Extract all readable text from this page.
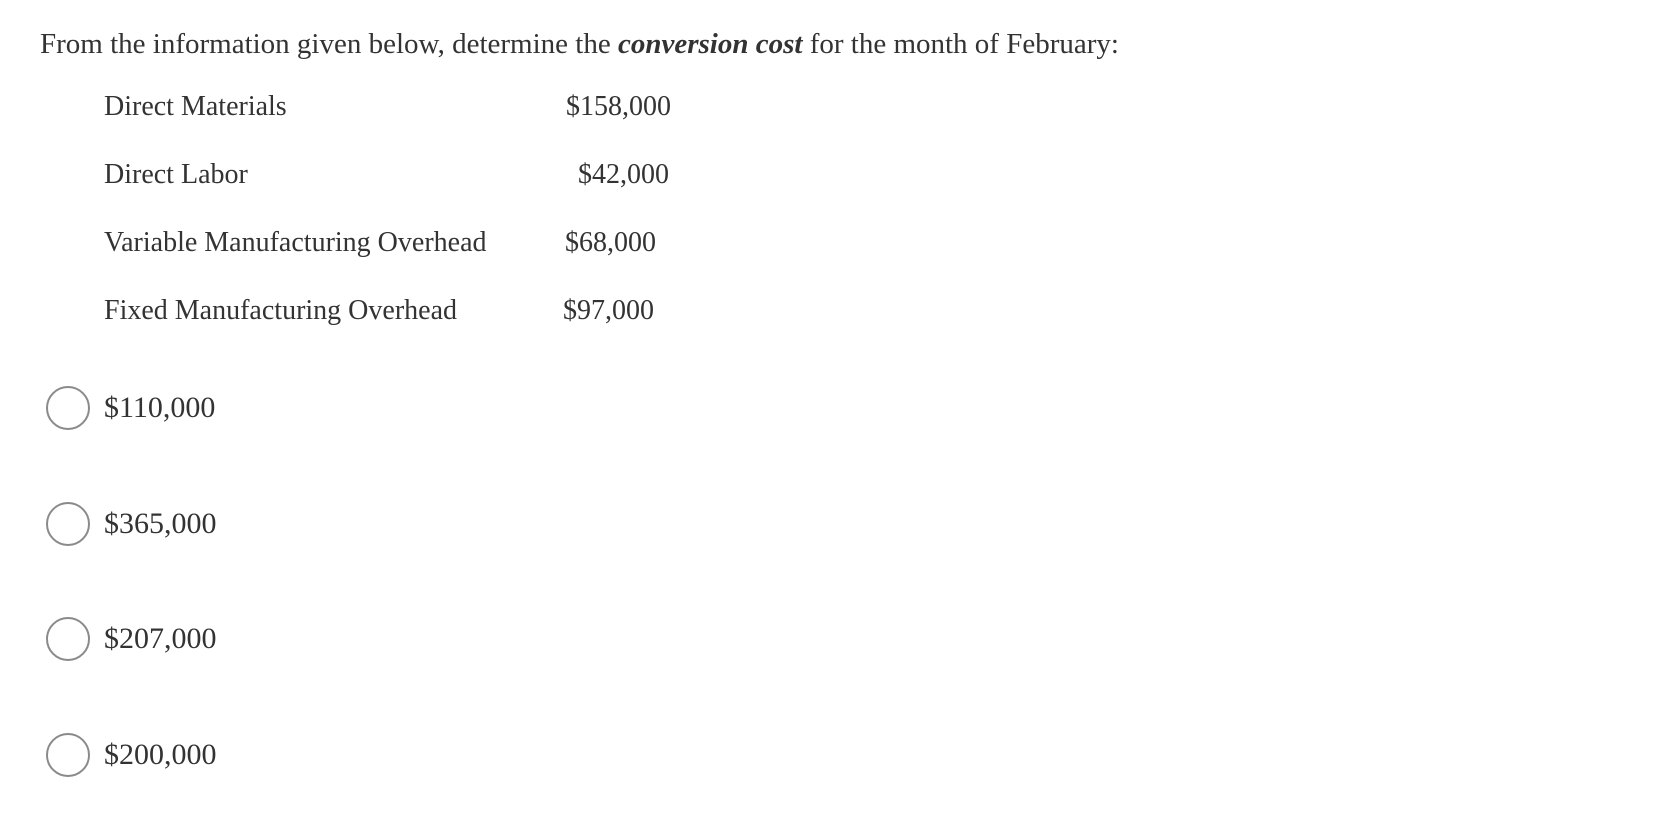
From the information given below, determine the conversion cost for the month of February:
Direct Materials	$158,000
Direct Labor	$42,000
Variable Manufacturing Overhead	$68,000
Fixed Manufacturing Overhead	$97,000
$110,000
$365,000
$207,000
$200,000
